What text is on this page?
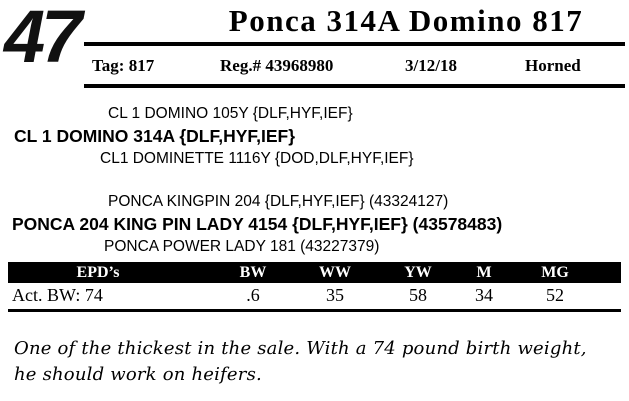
47	Ponca 314A Domino 817
Tag: 817	Reg.# 43968980	3/12/18	Horned
CL 1 DOMINO 105Y {DLF,HYF,IEF}
CL 1 DOMINO 314A {DLF,HYF,IEF}
CL1 DOMINETTE 1116Y {DOD,DLF,HYF,IEF}
PONCA KINGPIN 204 {DLF,HYF,IEF} (43324127)
PONCA 204 KING PIN LADY 4154 {DLF,HYF,IEF} (43578483)
PONCA POWER LADY 181 (43227379)
EPD’s	BW	WW	YW	M	MG
Act. BW: 74	.6	35	58	34	52
One of the thickest in the sale. With a 74 pound birth weight, he should work on heifers.
